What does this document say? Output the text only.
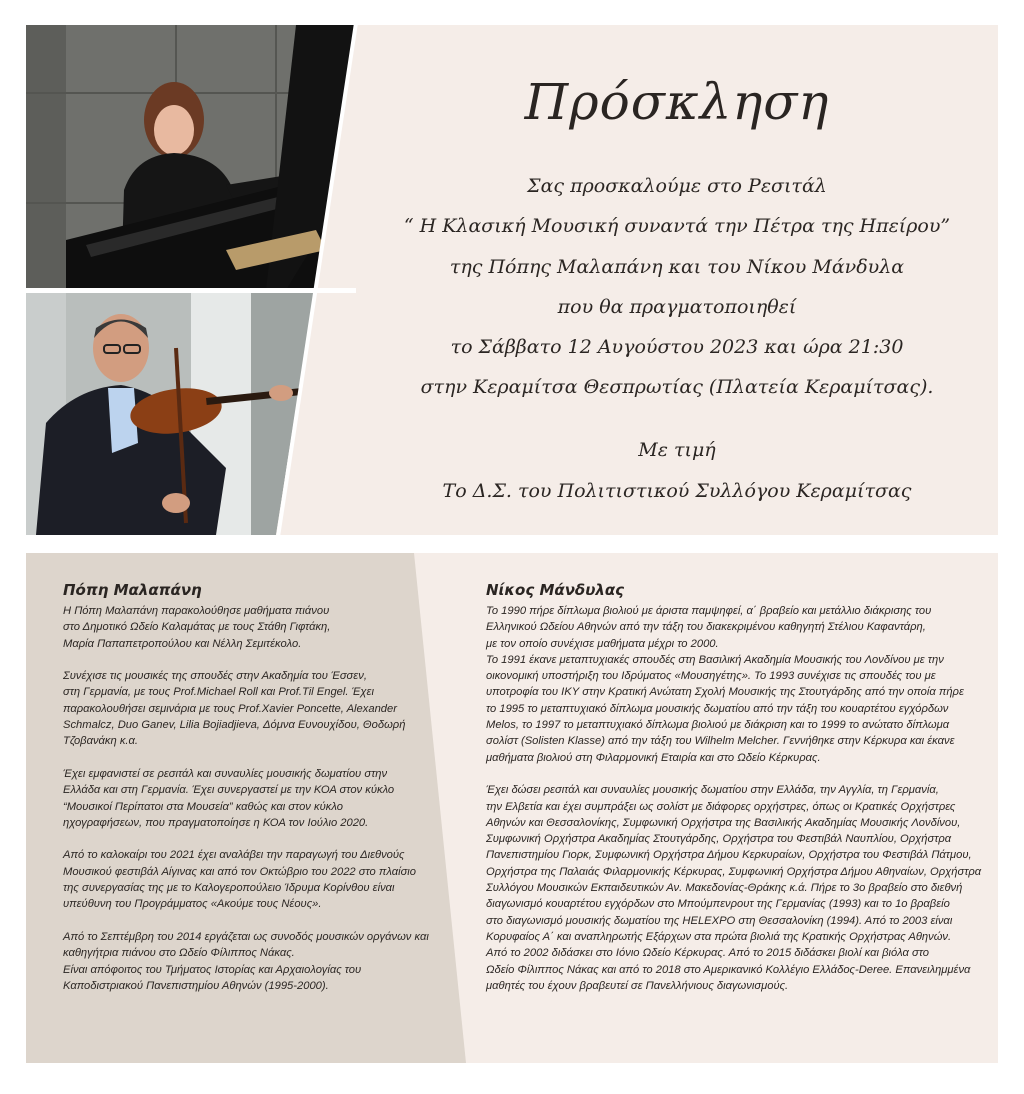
Πρόσκληση
Σας προσκαλούμε στο Ρεσιτάλ
“ Η Κλασική Μουσική συναντά την Πέτρα της Ηπείρου”
της Πόπης Μαλαπάνη και του Νίκου Μάνδυλα
που θα πραγματοποιηθεί
το Σάββατο 12 Αυγούστου 2023 και ώρα 21:30
στην Κεραμίτσα Θεσπρωτίας (Πλατεία Κεραμίτσας).
Με τιμή
Το Δ.Σ. του Πολιτιστικού Συλλόγου Κεραμίτσας
Πόπη Μαλαπάνη
Η Πόπη Μαλαπάνη παρακολούθησε μαθήματα πιάνου
στο Δημοτικό Ωδείο Καλαμάτας με τους Στάθη Γιφτάκη,
Μαρία Παπαπετροπούλου και Νέλλη Σεμιτέκολο.
Συνέχισε τις μουσικές της σπουδές στην Ακαδημία του Έσσεν,
στη Γερμανία, με τους Prof.Michael Roll και Prof.Til Engel. Έχει
παρακολουθήσει σεμινάρια με τους Prof.Xavier Poncette, Alexander
Schmalcz, Duo Ganev, Lilia Bojiadjieva, Δόμνα Ευνουχίδου, Θοδωρή
Τζοβανάκη κ.α.
Έχει εμφανιστεί σε ρεσιτάλ και συναυλίες μουσικής δωματίου στην
Ελλάδα και στη Γερμανία. Έχει συνεργαστεί με την ΚΟΑ στον κύκλο
“Μουσικοί Περίπατοι στα Μουσεία” καθώς και στον κύκλο
ηχογραφήσεων, που πραγματοποίησε η ΚΟΑ τον Ιούλιο 2020.
Από το καλοκαίρι του 2021 έχει αναλάβει την παραγωγή του Διεθνούς
Μουσικού φεστιβάλ Αίγινας και από τον Οκτώβριο του 2022 στο πλαίσιο
της συνεργασίας της με το Καλογεροπούλειο Ίδρυμα Κορίνθου είναι
υπεύθυνη του Προγράμματος «Ακούμε τους Νέους».
Από το Σεπτέμβρη του 2014 εργάζεται ως συνοδός μουσικών οργάνων και
καθηγήτρια πιάνου στο Ωδείο Φίλιππος Νάκας.
Είναι απόφοιτος του Τμήματος Ιστορίας και Αρχαιολογίας του
Καποδιστριακού Πανεπιστημίου Αθηνών (1995-2000).
Νίκος Μάνδυλας
Το 1990 πήρε δίπλωμα βιολιού με άριστα παμψηφεί, α΄ βραβείο και μετάλλιο διάκρισης του
Ελληνικού Ωδείου Αθηνών από την τάξη του διακεκριμένου καθηγητή Στέλιου Καφαντάρη,
με τον οποίο συνέχισε μαθήματα μέχρι το 2000.
Το 1991 έκανε μεταπτυχιακές σπουδές στη Βασιλική Ακαδημία Μουσικής του Λονδίνου με την
οικονομική υποστήριξη του Ιδρύματος «Μουσηγέτης». Το 1993 συνέχισε τις σπουδές του με
υποτροφία του ΙΚΥ στην Κρατική Ανώτατη Σχολή Μουσικής της Στουτγάρδης από την οποία πήρε
το 1995 το μεταπτυχιακό δίπλωμα μουσικής δωματίου από την τάξη του κουαρτέτου εγχόρδων
Melos, το 1997 το μεταπτυχιακό δίπλωμα βιολιού με διάκριση και το 1999 το ανώτατο δίπλωμα
σολίστ (Solisten Klasse) από την τάξη του Wilhelm Melcher. Γεννήθηκε στην Κέρκυρα και έκανε
μαθήματα βιολιού στη Φιλαρμονική Εταιρία και στο Ωδείο Κέρκυρας.
Έχει δώσει ρεσιτάλ και συναυλίες μουσικής δωματίου στην Ελλάδα, την Αγγλία, τη Γερμανία,
την Ελβετία και έχει συμπράξει ως σολίστ με διάφορες ορχήστρες, όπως οι Κρατικές Ορχήστρες
Αθηνών και Θεσσαλονίκης, Συμφωνική Ορχήστρα της Βασιλικής Ακαδημίας Μουσικής Λονδίνου,
Συμφωνική Ορχήστρα Ακαδημίας Στουτγάρδης, Ορχήστρα του Φεστιβάλ Ναυπλίου, Ορχήστρα
Πανεπιστημίου Γιορκ, Συμφωνική Ορχήστρα Δήμου Κερκυραίων, Ορχήστρα του Φεστιβάλ Πάτμου,
Ορχήστρα της Παλαιάς Φιλαρμονικής Κέρκυρας, Συμφωνική Ορχήστρα Δήμου Αθηναίων, Ορχήστρα
Συλλόγου Μουσικών Εκπαιδευτικών Αν. Μακεδονίας-Θράκης κ.ά. Πήρε το 3ο βραβείο στο διεθνή
διαγωνισμό κουαρτέτου εγχόρδων στο Μπούμπενρουτ της Γερμανίας (1993) και το 1ο βραβείο
στο διαγωνισμό μουσικής δωματίου της HELEXPO στη Θεσσαλονίκη (1994). Από το 2003 είναι
Κορυφαίος Α΄ και αναπληρωτής Εξάρχων στα πρώτα βιολιά της Κρατικής Ορχήστρας Αθηνών.
Από το 2002 διδάσκει στο Ιόνιο Ωδείο Κέρκυρας. Από το 2015 διδάσκει βιολί και βιόλα στο
Ωδείο Φίλιππος Νάκας και από το 2018 στο Αμερικανικό Κολλέγιο Ελλάδος-Deree. Επανειλημμένα
μαθητές του έχουν βραβευτεί σε Πανελλήνιους διαγωνισμούς.
